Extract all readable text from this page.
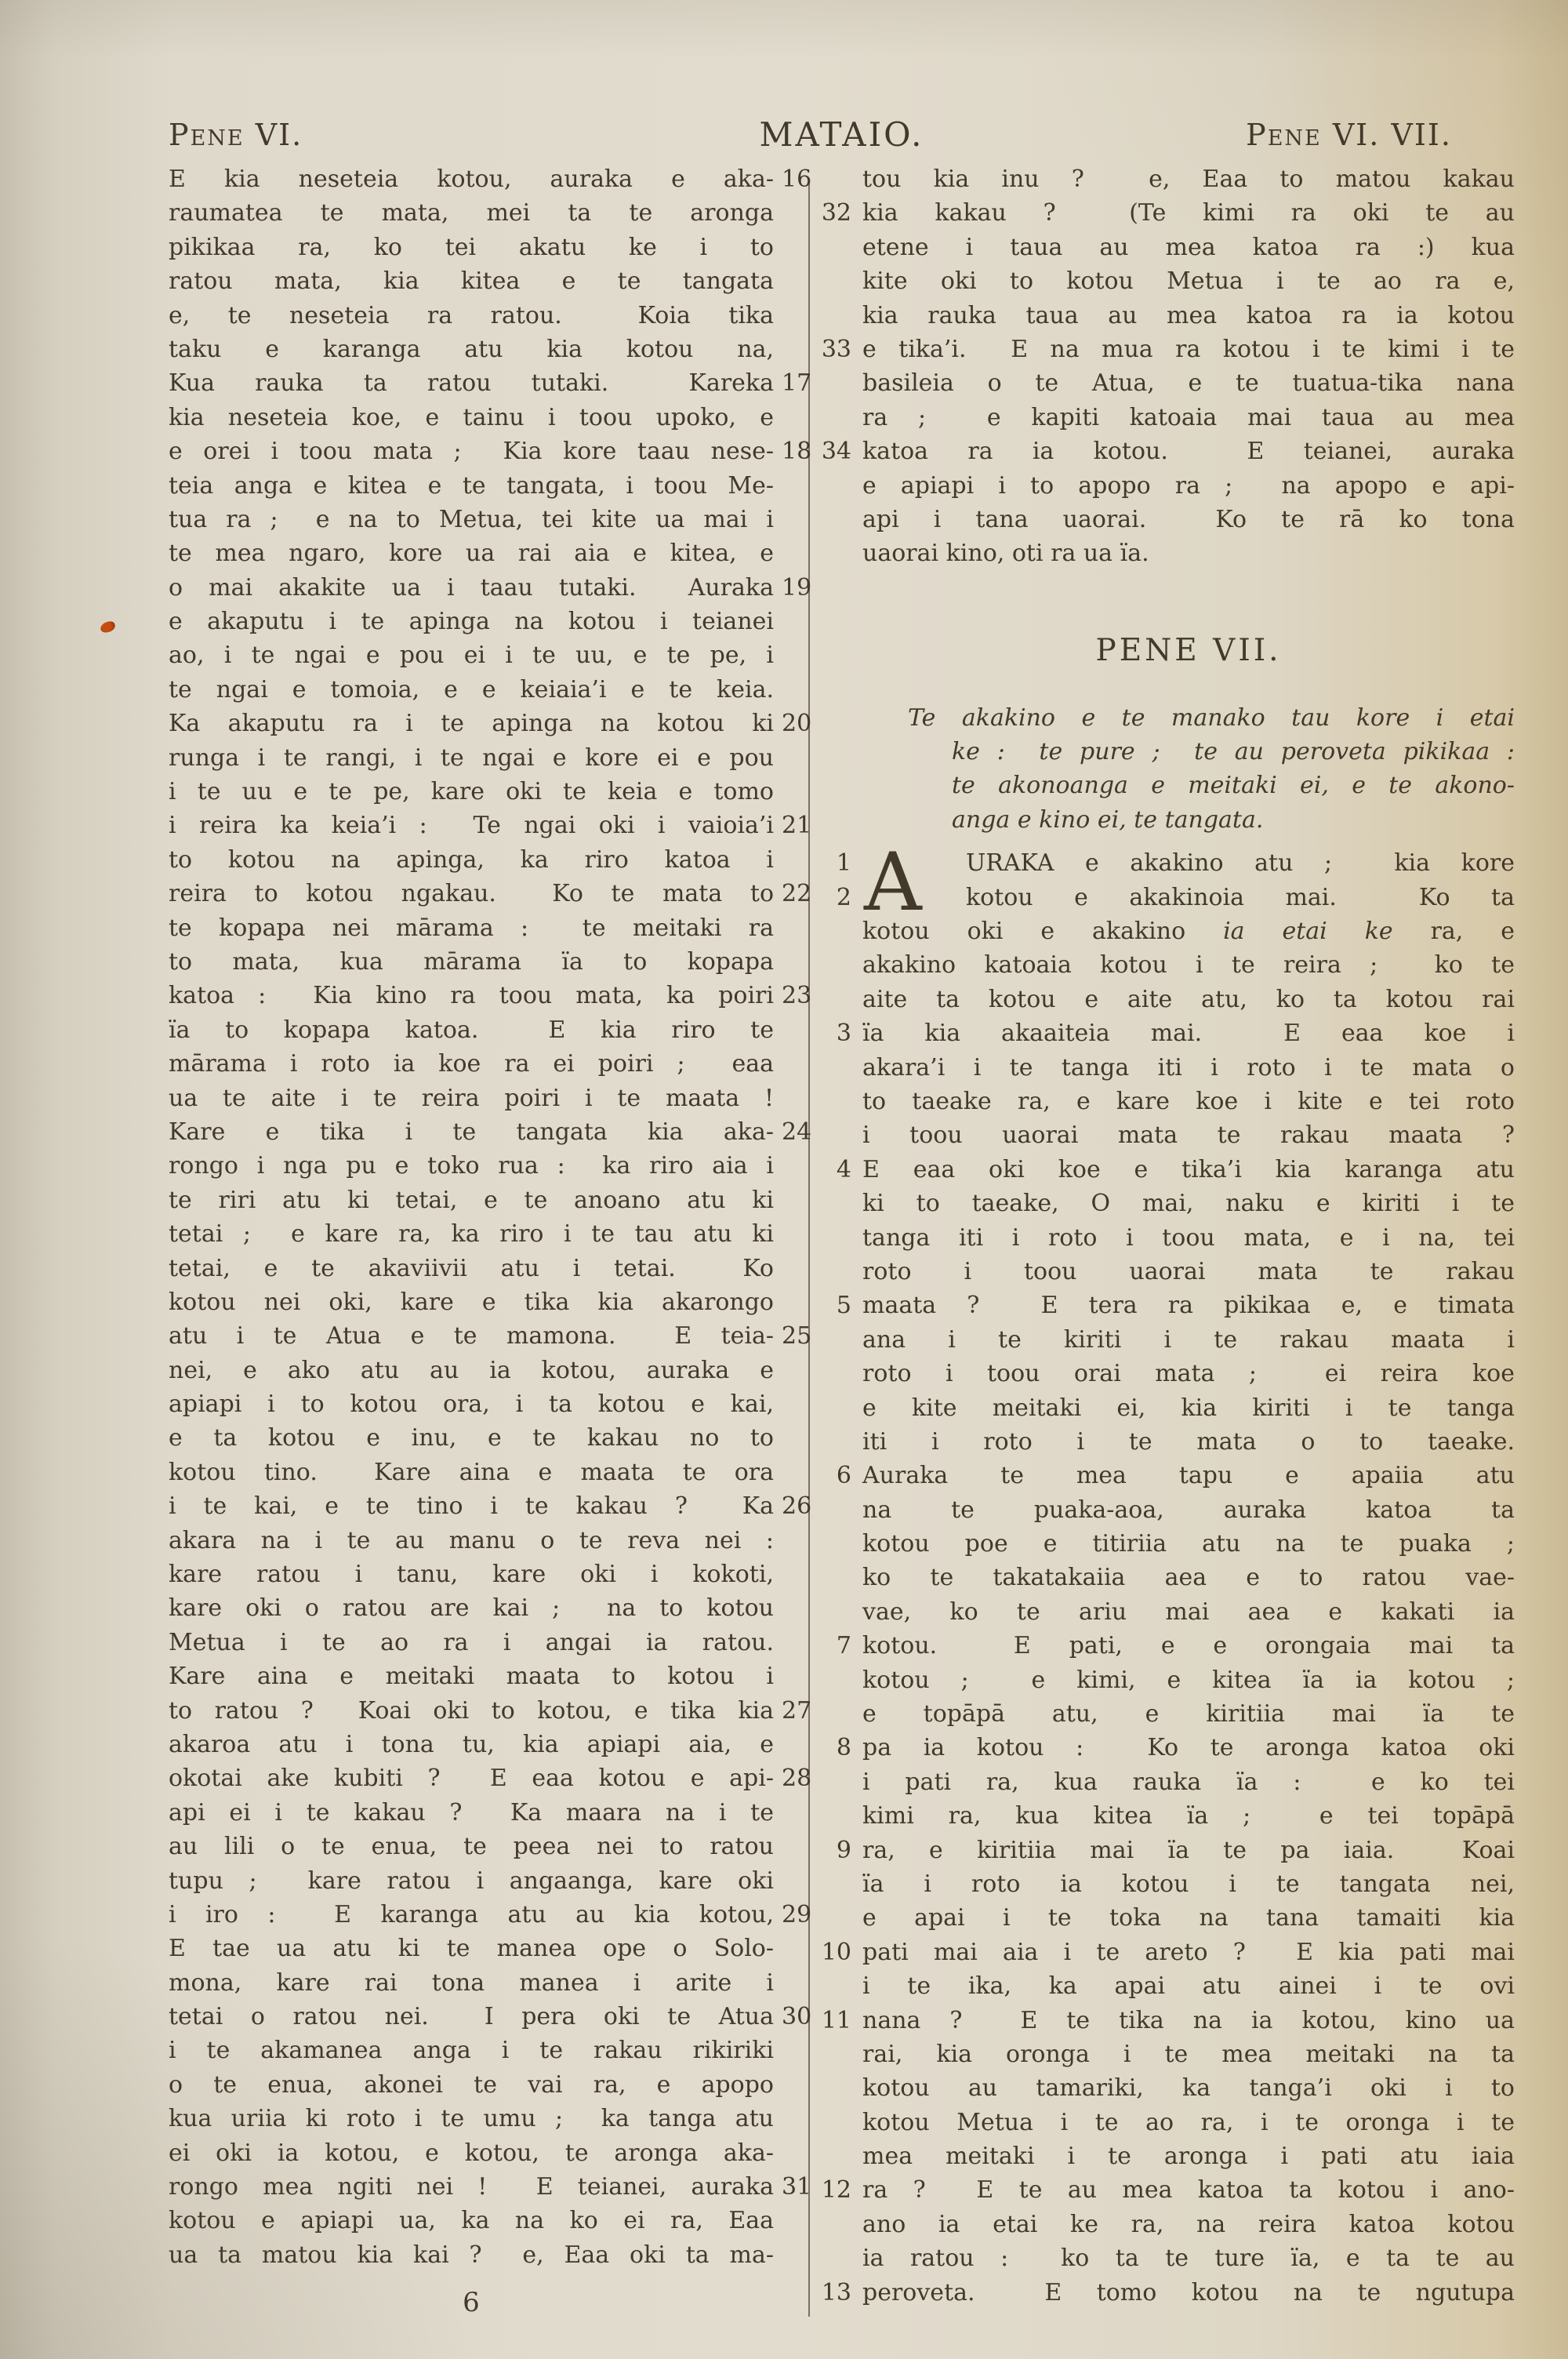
Pene VI.	MATAIO.	Pene VI. VII.
16
E kia neseteia kotou, auraka e aka-
raumatea te mata, mei ta te aronga
pikikaa ra, ko tei akatu ke i to
ratou mata, kia kitea e te tangata
e, te neseteia ra ratou.  Koia tika
taku e karanga atu kia kotou na,
17
Kua rauka ta ratou tutaki.  Kareka
kia neseteia koe, e tainu i toou upoko, e
18
e orei i toou mata ;  Kia kore taau nese-
teia anga e kitea e te tangata, i toou Me-
tua ra ;  e na to Metua, tei kite ua mai i
te mea ngaro, kore ua rai aia e kitea, e
19
o mai akakite ua i taau tutaki.  Auraka
e akaputu i te apinga na kotou i teianei
ao, i te ngai e pou ei i te uu, e te pe, i
te ngai e tomoia, e e keiaia’i e te keia.
20
Ka akaputu ra i te apinga na kotou ki
runga i te rangi, i te ngai e kore ei e pou
i te uu e te pe, kare oki te keia e tomo
21
i reira ka keia’i :  Te ngai oki i vaioia’i
to kotou na apinga, ka riro katoa i
22
reira to kotou ngakau.  Ko te mata to
te kopapa nei mārama :  te meitaki ra
to mata, kua mārama ïa to kopapa
23
katoa :  Kia kino ra toou mata, ka poiri
ïa to kopapa katoa.  E kia riro te
mārama i roto ia koe ra ei poiri ;  eaa
ua te aite i te reira poiri i te maata !
24
Kare e tika i te tangata kia aka-
rongo i nga pu e toko rua :  ka riro aia i
te riri atu ki tetai, e te anoano atu ki
tetai ;  e kare ra, ka riro i te tau atu ki
tetai, e te akaviivii atu i tetai.  Ko
kotou nei oki, kare e tika kia akarongo
25
atu i te Atua e te mamona.  E teia-
nei, e ako atu au ia kotou, auraka e
apiapi i to kotou ora, i ta kotou e kai,
e ta kotou e inu, e te kakau no to
kotou tino.  Kare aina e maata te ora
26
i te kai, e te tino i te kakau ?  Ka
akara na i te au manu o te reva nei :
kare ratou i tanu, kare oki i kokoti,
kare oki o ratou are kai ;  na to kotou
Metua i te ao ra i angai ia ratou.
Kare aina e meitaki maata to kotou i
27
to ratou ?  Koai oki to kotou, e tika kia
akaroa atu i tona tu, kia apiapi aia, e
28
okotai ake kubiti ?  E eaa kotou e api-
api ei i te kakau ?  Ka maara na i te
au lili o te enua, te peea nei to ratou
tupu ;  kare ratou i angaanga, kare oki
29
i iro :  E karanga atu au kia kotou,
E tae ua atu ki te manea ope o Solo-
mona, kare rai tona manea i arite i
30
tetai o ratou nei.  I pera oki te Atua
i te akamanea anga i te rakau rikiriki
o te enua, akonei te vai ra, e apopo
kua uriia ki roto i te umu ;  ka tanga atu
ei oki ia kotou, e kotou, te aronga aka-
31
rongo mea ngiti nei !  E teianei, auraka
kotou e apiapi ua, ka na ko ei ra, Eaa
ua ta matou kia kai ?  e, Eaa oki ta ma-
tou kia inu ?  e, Eaa to matou kakau
32 kia kakau ?  (Te kimi ra oki te au
etene i taua au mea katoa ra :) kua
kite oki to kotou Metua i te ao ra e,
kia rauka taua au mea katoa ra ia kotou
33 e tika’i.  E na mua ra kotou i te kimi i te
basileia o te Atua, e te tuatua-tika nana
ra ;  e kapiti katoaia mai taua au mea
34 katoa ra ia kotou.  E teianei, auraka
e apiapi i to apopo ra ;  na apopo e api-
api i tana uaorai.  Ko te rā ko tona
uaorai kino, oti ra ua ïa.
PENE VII.
Te akakino e te manako tau kore i etai
ke :  te pure ;  te au peroveta pikikaa :
te akonoanga e meitaki ei, e te akono-
anga e kino ei, te tangata.
1 A URAKA e akakino atu ;  kia kore
2	kotou e akakinoia mai.  Ko ta
kotou oki e akakino ia etai ke ra, e
akakino katoaia kotou i te reira ;  ko te
aite ta kotou e aite atu, ko ta kotou rai
3 ïa kia akaaiteia mai.  E eaa koe i
akara’i i te tanga iti i roto i te mata o
to taeake ra, e kare koe i kite e tei roto
i toou uaorai mata te rakau maata ?
4 E eaa oki koe e tika’i kia karanga atu
ki to taeake, O mai, naku e kiriti i te
tanga iti i roto i toou mata, e i na, tei
roto i toou uaorai mata te rakau
5 maata ?  E tera ra pikikaa e, e timata
ana i te kiriti i te rakau maata i
roto i toou orai mata ;  ei reira koe
e kite meitaki ei, kia kiriti i te tanga
iti i roto i te mata o to taeake.
6 Auraka te mea tapu e apaiia atu
na te puaka-aoa, auraka katoa ta
kotou poe e titiriia atu na te puaka ;
ko te takatakaiia aea e to ratou vae-
vae, ko te ariu mai aea e kakati ia
7 kotou.  E pati, e e orongaia mai ta
kotou ;  e kimi, e kitea ïa ia kotou ;
e topāpā atu, e kiritiia mai ïa te
8 pa ia kotou :  Ko te aronga katoa oki
i pati ra, kua rauka ïa :  e ko tei
kimi ra, kua kitea ïa ;  e tei topāpā
9 ra, e kiritiia mai ïa te pa iaia.  Koai
ïa i roto ia kotou i te tangata nei,
e apai i te toka na tana tamaiti kia
10 pati mai aia i te areto ?  E kia pati mai
i te ika, ka apai atu ainei i te ovi
11 nana ?  E te tika na ia kotou, kino ua
rai, kia oronga i te mea meitaki na ta
kotou au tamariki, ka tanga’i oki i to
kotou Metua i te ao ra, i te oronga i te
mea meitaki i te aronga i pati atu iaia
12 ra ?  E te au mea katoa ta kotou i ano-
ano ia etai ke ra, na reira katoa kotou
ia ratou :  ko ta te ture ïa, e ta te au
13 peroveta.  E tomo kotou na te ngutupa
6
